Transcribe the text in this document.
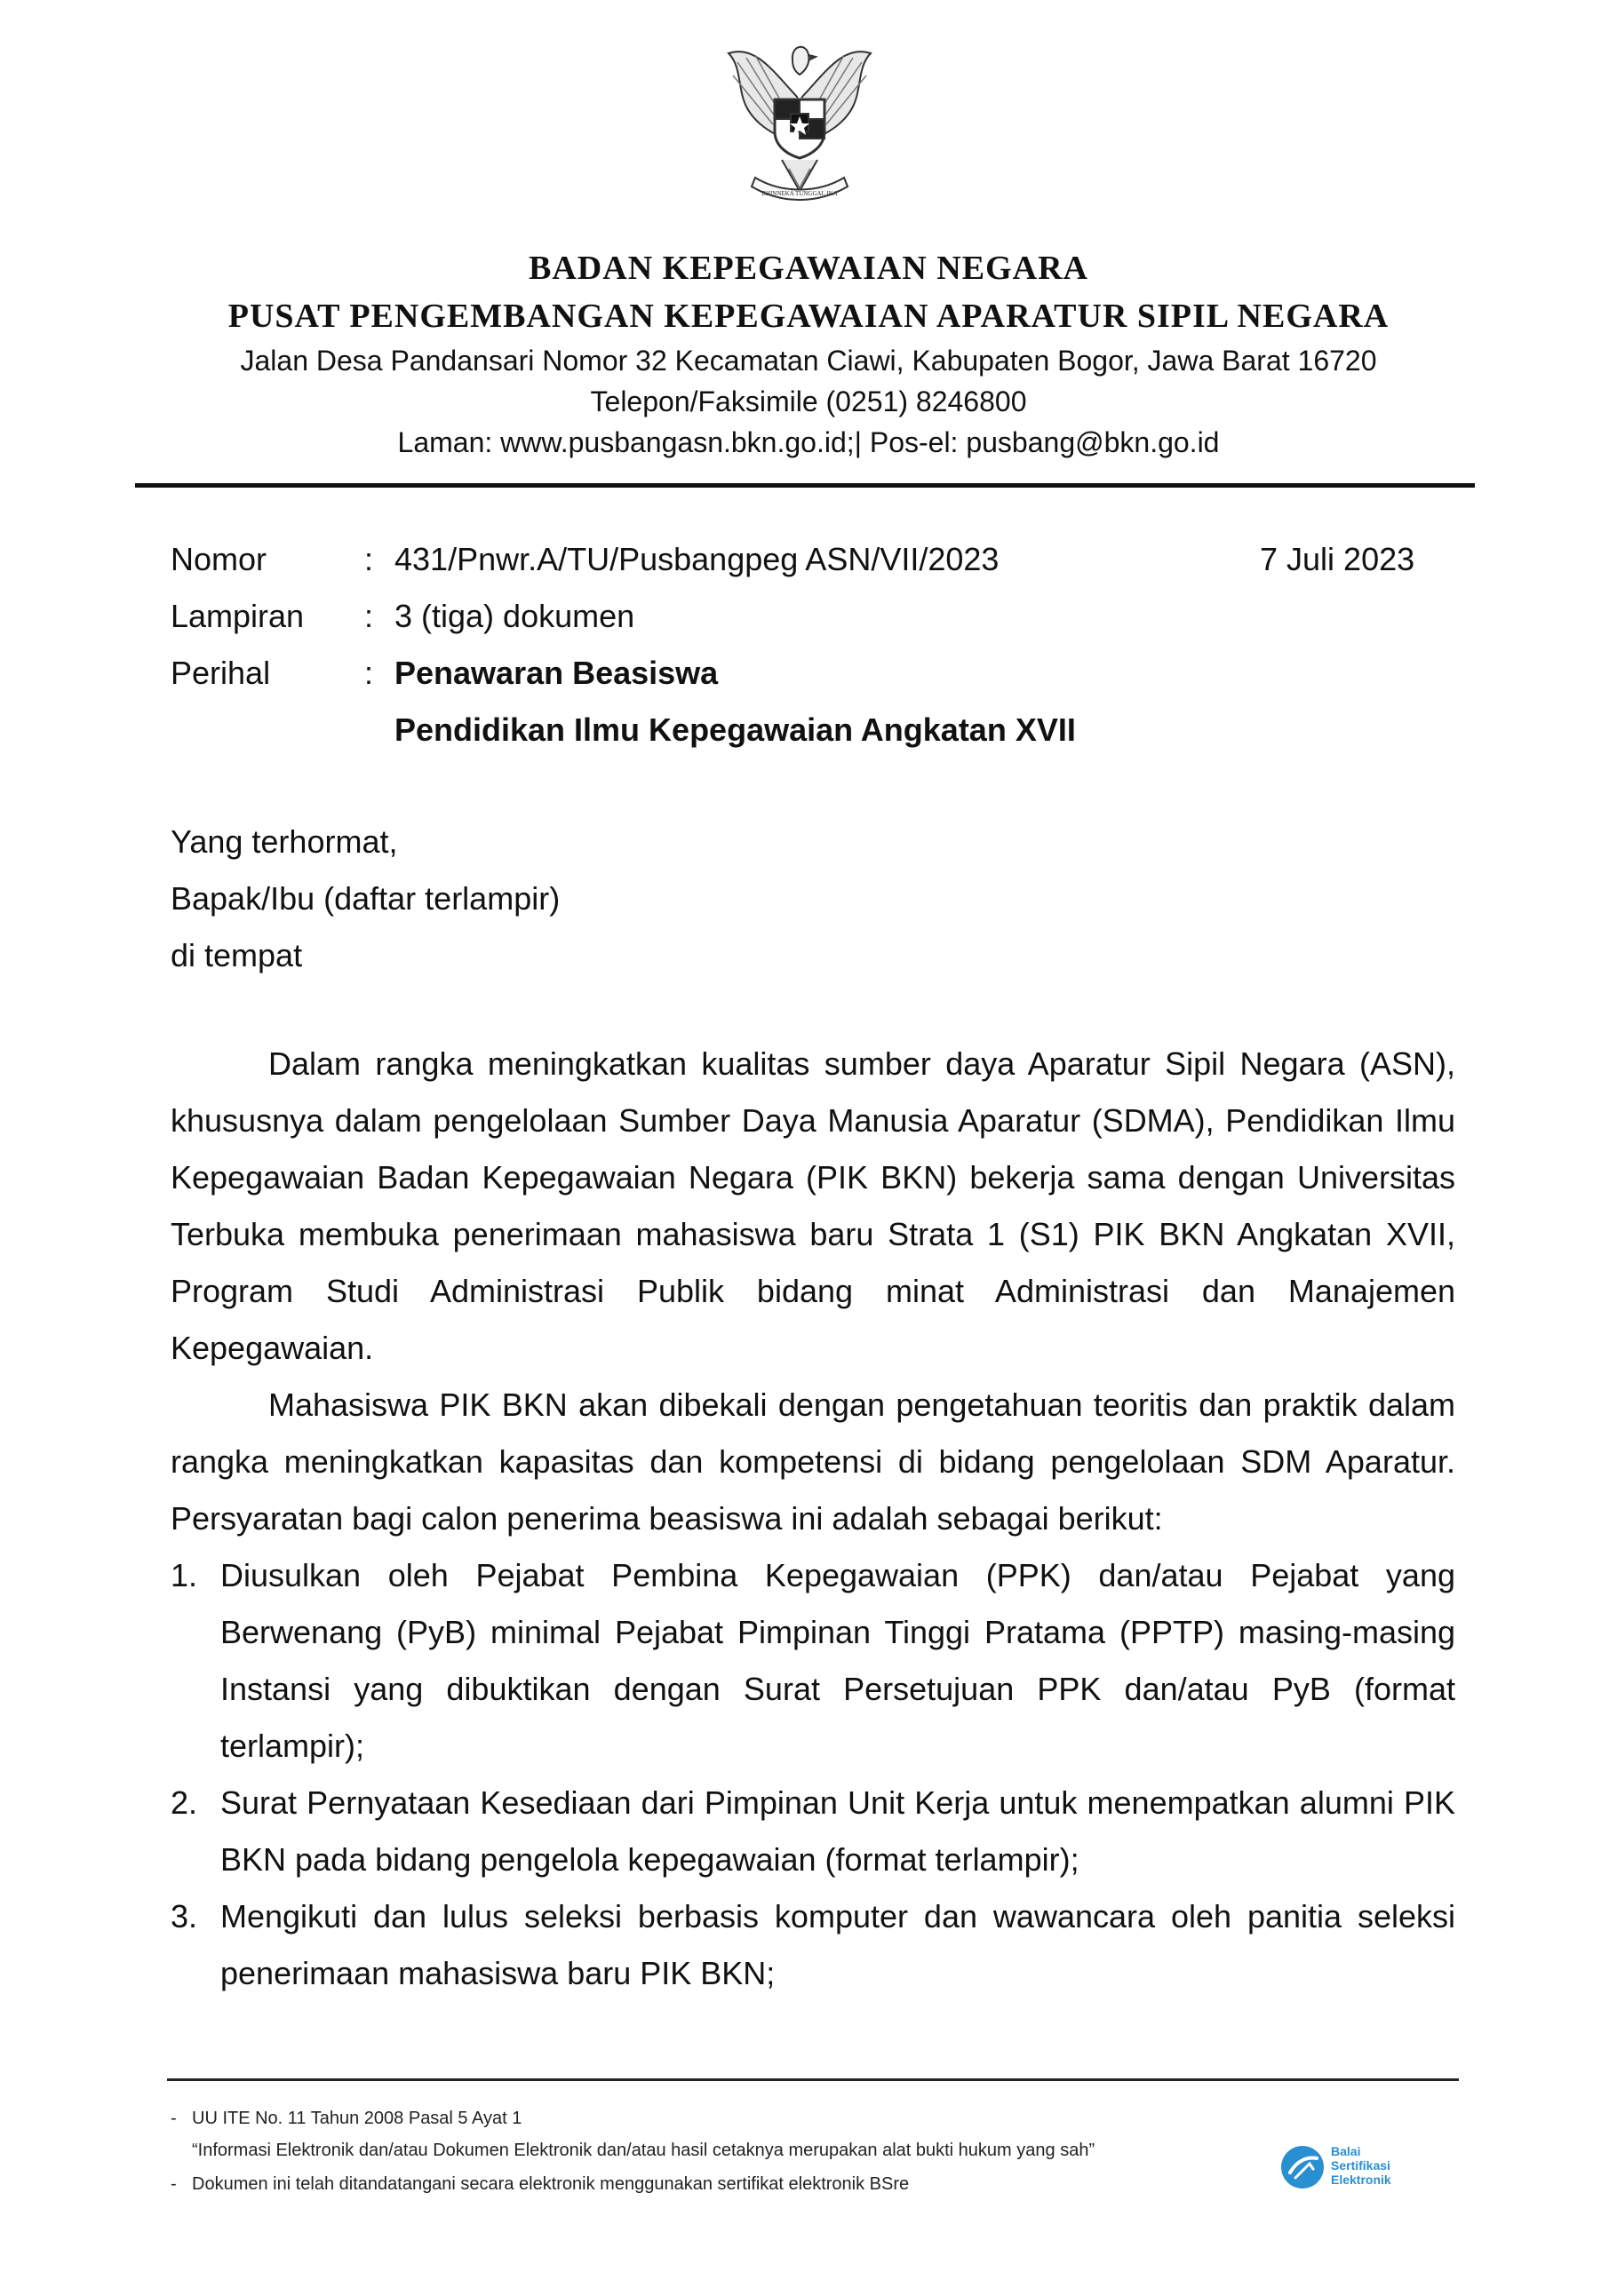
BHINNEKA TUNGGAL IKA
BADAN KEPEGAWAIAN NEGARA
PUSAT PENGEMBANGAN KEPEGAWAIAN APARATUR SIPIL NEGARA
Jalan Desa Pandansari Nomor 32 Kecamatan Ciawi, Kabupaten Bogor, Jawa Barat 16720
Telepon/Faksimile (0251) 8246800
Laman: www.pusbangasn.bkn.go.id;| Pos-el: pusbang@bkn.go.id
Nomor	: 431/Pnwr.A/TU/Pusbangpeg ASN/VII/2023	7 Juli 2023
Lampiran : 3 (tiga) dokumen
Perihal	: Penawaran Beasiswa
Pendidikan Ilmu Kepegawaian Angkatan XVII
Yang terhormat,
Bapak/Ibu (daftar terlampir)
di tempat
Dalam rangka meningkatkan kualitas sumber daya Aparatur Sipil Negara (ASN), khususnya dalam pengelolaan Sumber Daya Manusia Aparatur (SDMA), Pendidikan Ilmu Kepegawaian Badan Kepegawaian Negara (PIK BKN) bekerja sama dengan Universitas Terbuka membuka penerimaan mahasiswa baru Strata 1 (S1) PIK BKN Angkatan XVII, Program Studi Administrasi Publik bidang minat Administrasi dan Manajemen Kepegawaian.
Mahasiswa PIK BKN akan dibekali dengan pengetahuan teoritis dan praktik dalam rangka meningkatkan kapasitas dan kompetensi di bidang pengelolaan SDM Aparatur. Persyaratan bagi calon penerima beasiswa ini adalah sebagai berikut:
1. Diusulkan oleh Pejabat Pembina Kepegawaian (PPK) dan/atau Pejabat yang Berwenang (PyB) minimal Pejabat Pimpinan Tinggi Pratama (PPTP) masing-masing Instansi yang dibuktikan dengan Surat Persetujuan PPK dan/atau PyB (format terlampir);
2. Surat Pernyataan Kesediaan dari Pimpinan Unit Kerja untuk menempatkan alumni PIK BKN pada bidang pengelola kepegawaian (format terlampir);
3. Mengikuti dan lulus seleksi berbasis komputer dan wawancara oleh panitia seleksi penerimaan mahasiswa baru PIK BKN;
- UU ITE No. 11 Tahun 2008 Pasal 5 Ayat 1
“Informasi Elektronik dan/atau Dokumen Elektronik dan/atau hasil cetaknya merupakan alat bukti hukum yang sah”
- Dokumen ini telah ditandatangani secara elektronik menggunakan sertifikat elektronik BSre
Balai
Sertifikasi
Elektronik
